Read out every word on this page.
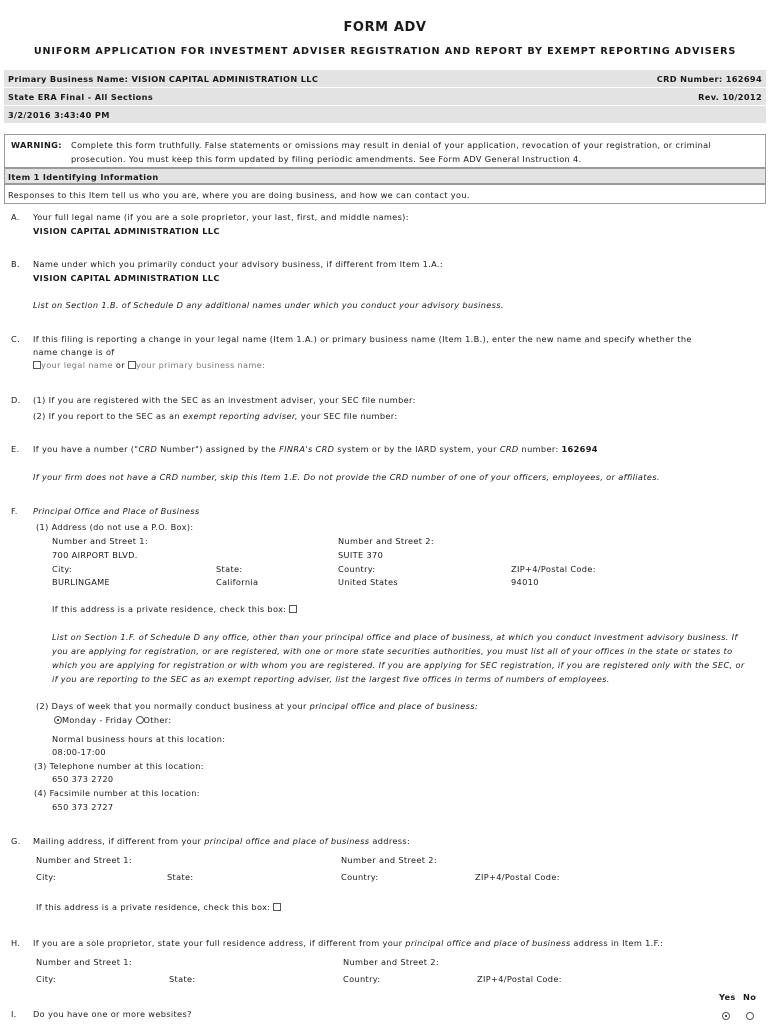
FORM ADV
UNIFORM APPLICATION FOR INVESTMENT ADVISER REGISTRATION AND REPORT BY EXEMPT REPORTING ADVISERS
Primary Business Name: VISION CAPITAL ADMINISTRATION LLC	CRD Number: 162694
State ERA Final - All Sections	Rev. 10/2012
3/2/2016 3:43:40 PM
WARNING: Complete this form truthfully. False statements or omissions may result in denial of your application, revocation of your registration, or criminal
prosecution. You must keep this form updated by filing periodic amendments. See Form ADV General Instruction 4.
Item 1 Identifying Information
Responses to this Item tell us who you are, where you are doing business, and how we can contact you.
A. Your full legal name (if you are a sole proprietor, your last, first, and middle names):
VISION CAPITAL ADMINISTRATION LLC
B. Name under which you primarily conduct your advisory business, if different from Item 1.A.:
VISION CAPITAL ADMINISTRATION LLC
List on Section 1.B. of Schedule D any additional names under which you conduct your advisory business.
C. If this filing is reporting a change in your legal name (Item 1.A.) or primary business name (Item 1.B.), enter the new name and specify whether the
name change is of
your legal name or your primary business name:
D. (1) If you are registered with the SEC as an investment adviser, your SEC file number:
(2) If you report to the SEC as an exempt reporting adviser, your SEC file number:
E. If you have a number ("CRD Number") assigned by the FINRA's CRD system or by the IARD system, your CRD number: 162694
If your firm does not have a CRD number, skip this Item 1.E. Do not provide the CRD number of one of your officers, employees, or affiliates.
F. Principal Office and Place of Business
(1) Address (do not use a P.O. Box):
Number and Street 1:	Number and Street 2:
700 AIRPORT BLVD.	SUITE 370
City:	State:	Country:	ZIP+4/Postal Code:
BURLINGAME	California	United States	94010
If this address is a private residence, check this box:
List on Section 1.F. of Schedule D any office, other than your principal office and place of business, at which you conduct investment advisory business. If
you are applying for registration, or are registered, with one or more state securities authorities, you must list all of your offices in the state or states to
which you are applying for registration or with whom you are registered. If you are applying for SEC registration, if you are registered only with the SEC, or
if you are reporting to the SEC as an exempt reporting adviser, list the largest five offices in terms of numbers of employees.
(2) Days of week that you normally conduct business at your principal office and place of business:
Monday - Friday Other:
Normal business hours at this location:
08:00-17:00
(3) Telephone number at this location:
650 373 2720
(4) Facsimile number at this location:
650 373 2727
G. Mailing address, if different from your principal office and place of business address:
Number and Street 1:	Number and Street 2:
City:	State:	Country:	ZIP+4/Postal Code:
If this address is a private residence, check this box:
H. If you are a sole proprietor, state your full residence address, if different from your principal office and place of business address in Item 1.F.:
Number and Street 1:	Number and Street 2:
City:	State:	Country:	ZIP+4/Postal Code:
Yes No
I. Do you have one or more websites?
